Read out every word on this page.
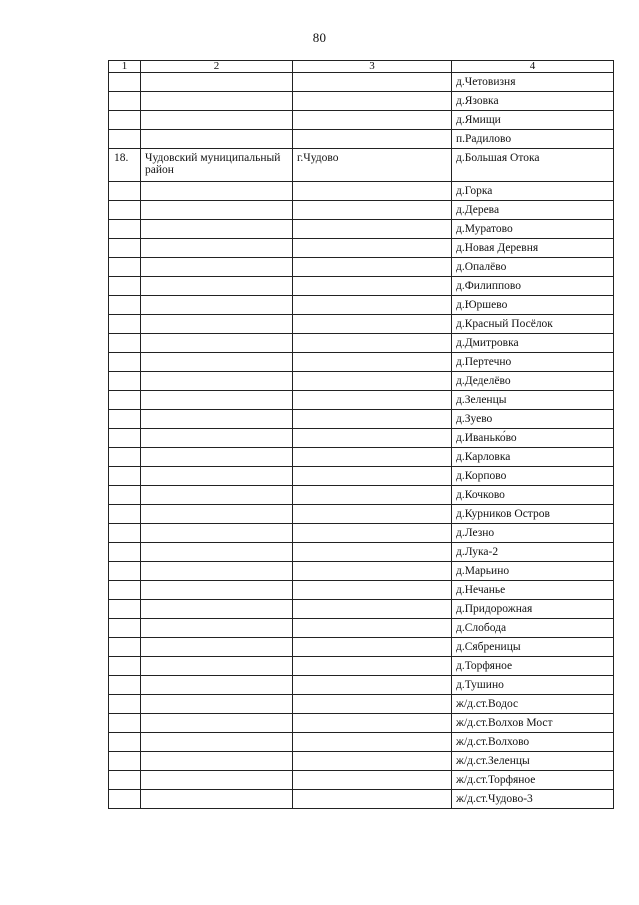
80
1	2	3	4
			д.Четовизня
			д.Язовка
			д.Ямищи
			п.Радилово
18.	Чудовский муниципальный район	г.Чудово	д.Большая Отока
			д.Горка
			д.Дерева
			д.Муратово
			д.Новая Деревня
			д.Опалёво
			д.Филиппово
			д.Юршево
			д.Красный Посёлок
			д.Дмитровка
			д.Пертечно
			д.Деделёво
			д.Зеленцы
			д.Зуево
			д.Иванько́во
			д.Карловка
			д.Корпово
			д.Кочково
			д.Курников Остров
			д.Лезно
			д.Лука-2
			д.Марьино
			д.Нечанье
			д.Придорожная
			д.Слобода
			д.Сябреницы
			д.Торфяное
			д.Тушино
			ж/д.ст.Водос
			ж/д.ст.Волхов Мост
			ж/д.ст.Волхово
			ж/д.ст.Зеленцы
			ж/д.ст.Торфяное
			ж/д.ст.Чудово-3
